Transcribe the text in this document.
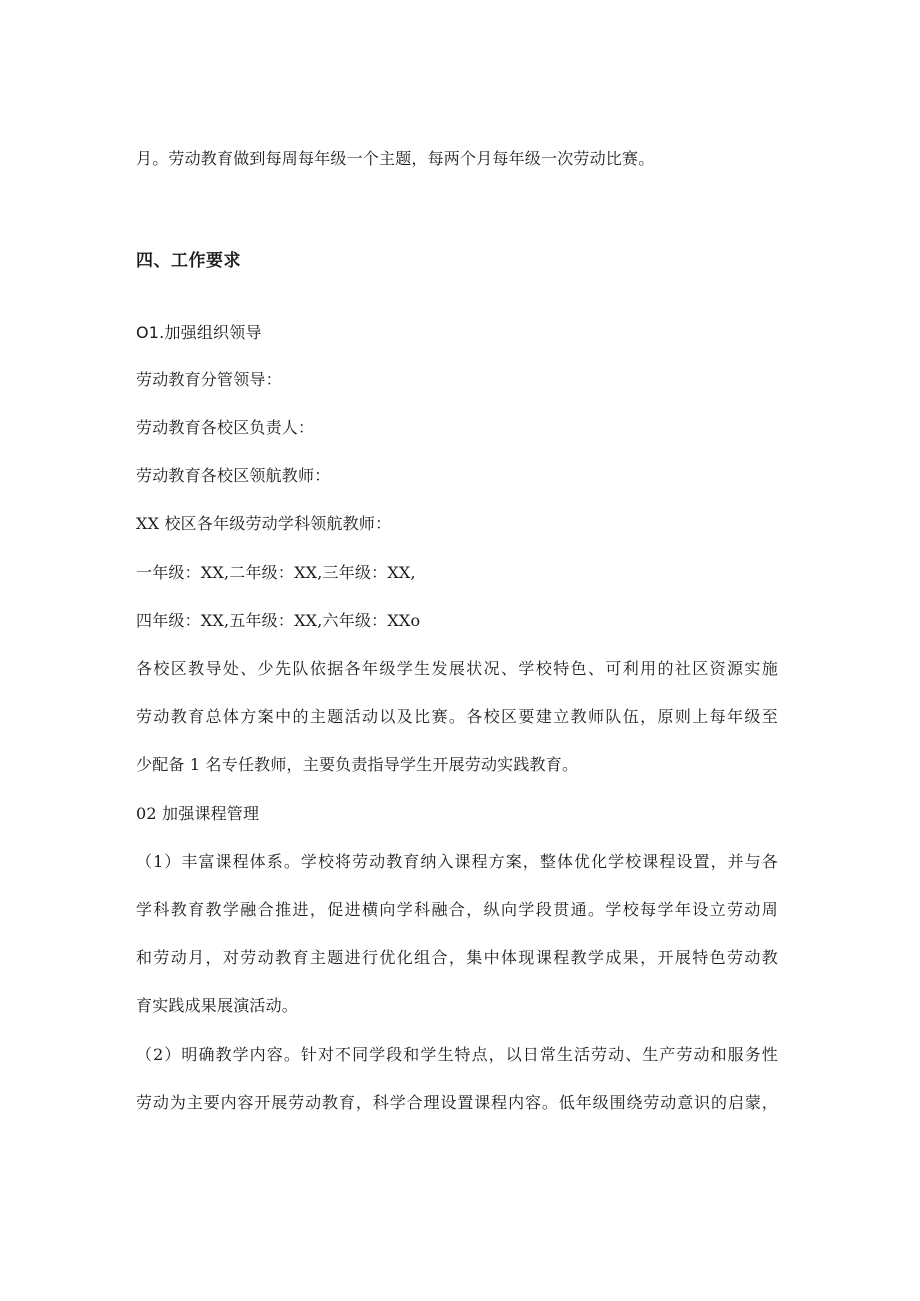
月。劳动教育做到每周每年级一个主题，每两个月每年级一次劳动比赛。
四、工作要求
O1.加强组织领导
劳动教育分管领导：
劳动教育各校区负责人：
劳动教育各校区领航教师：
XX 校区各年级劳动学科领航教师：
一年级：XX,二年级：XX,三年级：XX,
四年级：XX,五年级：XX,六年级：XXo
各校区教导处、少先队依据各年级学生发展状况、学校特色、可利用的社区资源实施
劳动教育总体方案中的主题活动以及比赛。各校区要建立教师队伍，原则上每年级至
少配备 1 名专任教师，主要负责指导学生开展劳动实践教育。
02 加强课程管理
（1）丰富课程体系。学校将劳动教育纳入课程方案，整体优化学校课程设置，并与各
学科教育教学融合推进，促进横向学科融合，纵向学段贯通。学校每学年设立劳动周
和劳动月，对劳动教育主题进行优化组合，集中体现课程教学成果，开展特色劳动教
育实践成果展演活动。
（2）明确教学内容。针对不同学段和学生特点，以日常生活劳动、生产劳动和服务性
劳动为主要内容开展劳动教育，科学合理设置课程内容。低年级围绕劳动意识的启蒙，
